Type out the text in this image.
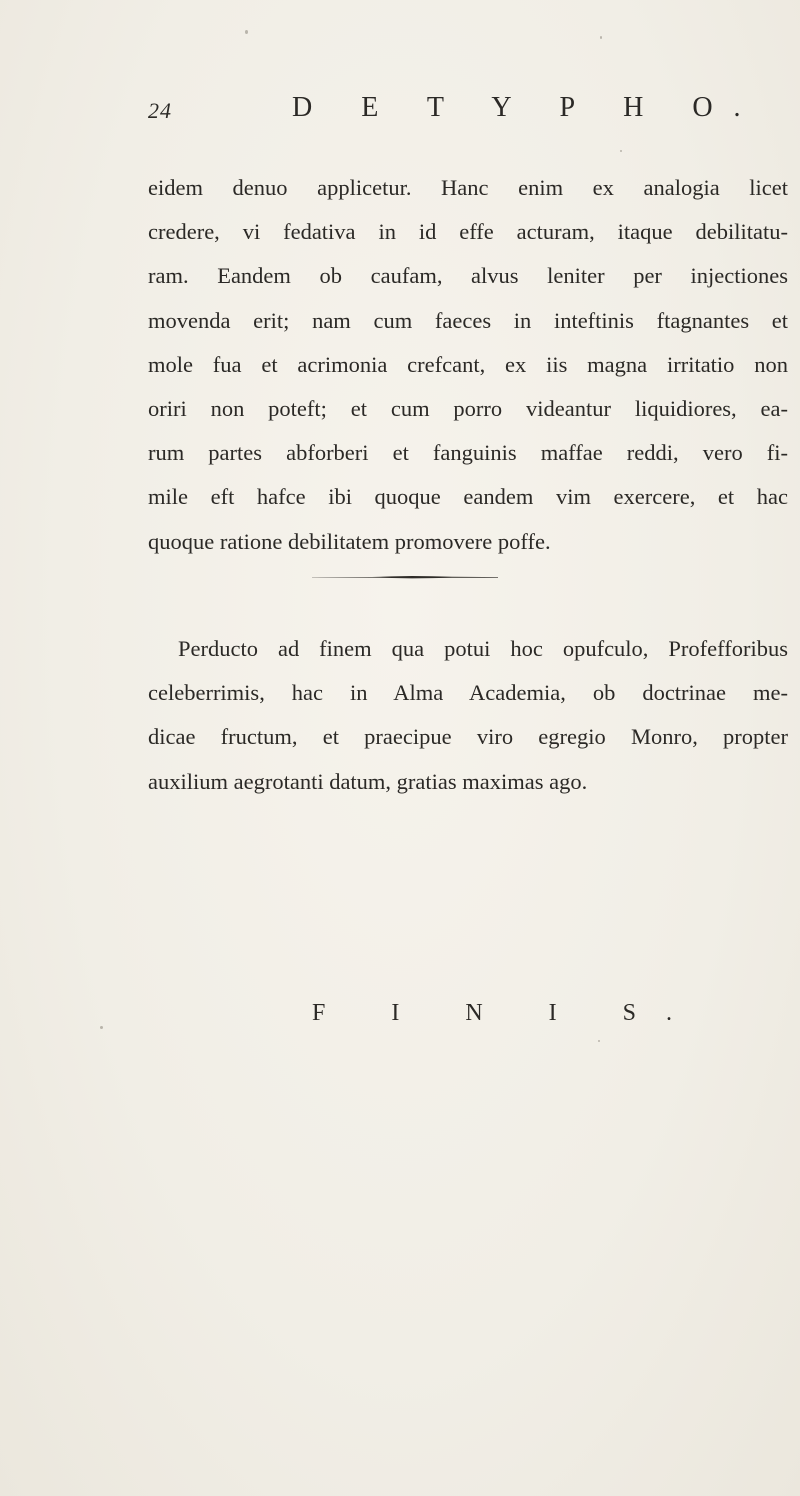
24	D E T Y P H O.
eidem denuo applicetur. Hanc enim ex analogia licet
credere, vi fedativa in id effe acturam, itaque debilitatu-
ram. Eandem ob caufam, alvus leniter per injectiones
movenda erit; nam cum faeces in inteftinis ftagnantes et
mole fua et acrimonia crefcant, ex iis magna irritatio non
oriri non poteft; et cum porro videantur liquidiores, ea-
rum partes abforberi et fanguinis maffae reddi, vero fi-
mile eft hafce ibi quoque eandem vim exercere, et hac
quoque ratione debilitatem promovere poffe.
Perducto ad finem qua potui hoc opufculo, Profefforibus
celeberrimis, hac in Alma Academia, ob doctrinae me-
dicae fructum, et praecipue viro egregio Monro, propter
auxilium aegrotanti datum, gratias maximas ago.
F I N I S.
